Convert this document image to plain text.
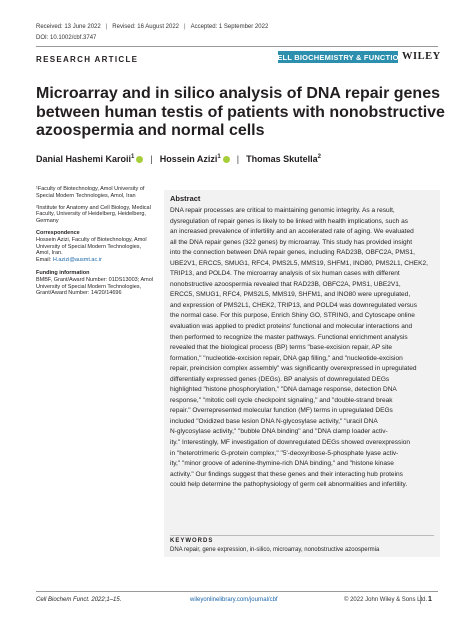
Received: 13 June 2022 | Revised: 16 August 2022 | Accepted: 1 September 2022
DOI: 10.1002/cbf.3747
RESEARCH ARTICLE	CELL BIOCHEMISTRY & FUNCTION
WILEY
Microarray and in silico analysis of DNA repair genes between human testis of patients with nonobstructive azoospermia and normal cells
Danial Hashemi Karoii$^1$ | Hossein Azizi$^1$ | Thomas Skutella$^2$
¹Faculty of Biotechnology, Amol University of Special Modern Technologies, Amol, Iran
²Institute for Anatomy and Cell Biology, Medical Faculty, University of Heidelberg, Heidelberg, Germany
Correspondence
Hossein Azizi, Faculty of Biotechnology, Amol University of Special Modern Technologies, Amol, Iran.
Email: H.azizi@ausmt.ac.ir
Funding information
BMBF, Grant/Award Number: 01DS13003; Amol University of Special Modern Technologies, Grant/Award Number: 14/20/14696
Abstract
DNA repair processes are critical to maintaining genomic integrity. As a result,
dysregulation of repair genes is likely to be linked with health implications, such as
an increased prevalence of infertility and an accelerated rate of aging. We evaluated
all the DNA repair genes (322 genes) by microarray. This study has provided insight
into the connection between DNA repair genes, including RAD23B, OBFC2A, PMS1,
UBE2V1, ERCC5, SMUG1, RFC4, PMS2L5, MMS19, SHFM1, INO80, PMS2L1, CHEK2,
TRIP13, and POLD4. The microarray analysis of six human cases with different
nonobstructive azoospermia revealed that RAD23B, OBFC2A, PMS1, UBE2V1,
ERCC5, SMUG1, RFC4, PMS2L5, MMS19, SHFM1, and INO80 were upregulated,
and expression of PMS2L1, CHEK2, TRIP13, and POLD4 was downregulated versus
the normal case. For this purpose, Enrich Shiny GO, STRING, and Cytoscape online
evaluation was applied to predict proteins' functional and molecular interactions and
then performed to recognize the master pathways. Functional enrichment analysis
revealed that the biological process (BP) terms "base-excision repair, AP site
formation," "nucleotide-excision repair, DNA gap filling," and "nucleotide-excision
repair, preincision complex assembly" was significantly overexpressed in upregulated
differentially expressed genes (DEGs). BP analysis of downregulated DEGs
highlighted "histone phosphorylation," "DNA damage response, detection DNA
response," "mitotic cell cycle checkpoint signaling," and "double-strand break
repair." Overrepresented molecular function (MF) terms in upregulated DEGs
included "Oxidized base lesion DNA N-glycosylase activity," "uracil DNA
N-glycosylase activity," "bubble DNA binding" and "DNA clamp loader activ-
ity." Interestingly, MF investigation of downregulated DEGs showed overexpression
in "heterotrimeric G-protein complex," "5'-deoxyribose-5-phosphate lyase activ-
ity," "minor groove of adenine-thymine-rich DNA binding," and "histone kinase
activity." Our findings suggest that these genes and their interacting hub proteins
could help determine the pathophysiology of germ cell abnormalities and infertility.
KEYWORDS
DNA repair, gene expression, in-silico, microarray, nonobstructive azoospermia
Cell Biochem Funct. 2022;1–15.	wileyonlinelibrary.com/journal/cbf	© 2022 John Wiley & Sons Ltd. 1
